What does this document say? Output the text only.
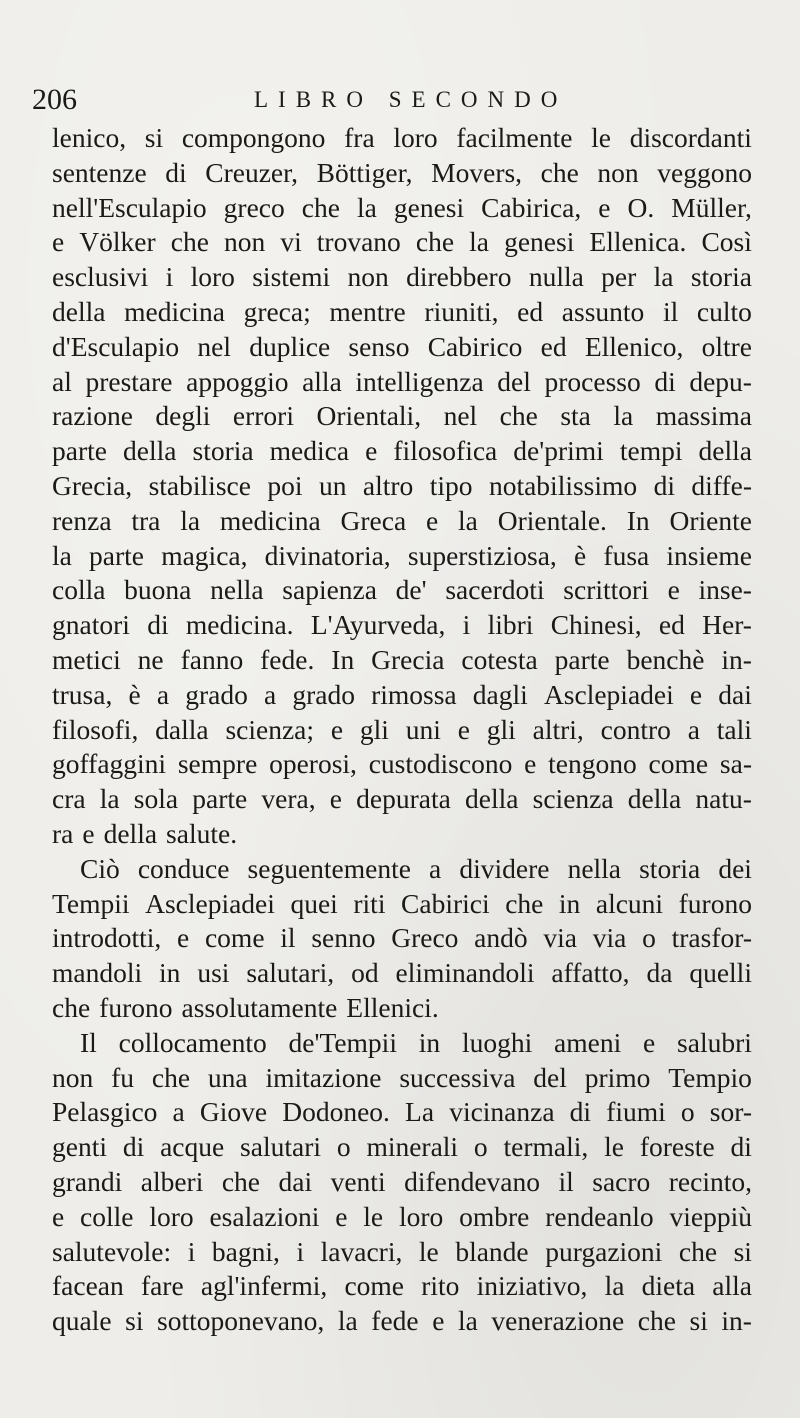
206	LIBRO SECONDO
lenico, si compongono fra loro facilmente le discordanti
sentenze di Creuzer, Böttiger, Movers, che non veggono
nell'Esculapio greco che la genesi Cabirica, e O. Müller,
e Völker che non vi trovano che la genesi Ellenica. Così
esclusivi i loro sistemi non direbbero nulla per la storia
della medicina greca; mentre riuniti, ed assunto il culto
d'Esculapio nel duplice senso Cabirico ed Ellenico, oltre
al prestare appoggio alla intelligenza del processo di depu-
razione degli errori Orientali, nel che sta la massima
parte della storia medica e filosofica de'primi tempi della
Grecia, stabilisce poi un altro tipo notabilissimo di diffe-
renza tra la medicina Greca e la Orientale. In Oriente
la parte magica, divinatoria, superstiziosa, è fusa insieme
colla buona nella sapienza de' sacerdoti scrittori e inse-
gnatori di medicina. L'Ayurveda, i libri Chinesi, ed Her-
metici ne fanno fede. In Grecia cotesta parte benchè in-
trusa, è a grado a grado rimossa dagli Asclepiadei e dai
filosofi, dalla scienza; e gli uni e gli altri, contro a tali
goffaggini sempre operosi, custodiscono e tengono come sa-
cra la sola parte vera, e depurata della scienza della natu-
ra e della salute.
Ciò conduce seguentemente a dividere nella storia dei
Tempii Asclepiadei quei riti Cabirici che in alcuni furono
introdotti, e come il senno Greco andò via via o trasfor-
mandoli in usi salutari, od eliminandoli affatto, da quelli
che furono assolutamente Ellenici.
Il collocamento de'Tempii in luoghi ameni e salubri
non fu che una imitazione successiva del primo Tempio
Pelasgico a Giove Dodoneo. La vicinanza di fiumi o sor-
genti di acque salutari o minerali o termali, le foreste di
grandi alberi che dai venti difendevano il sacro recinto,
e colle loro esalazioni e le loro ombre rendeanlo vieppiù
salutevole: i bagni, i lavacri, le blande purgazioni che si
facean fare agl'infermi, come rito iniziativo, la dieta alla
quale si sottoponevano, la fede e la venerazione che si in-
